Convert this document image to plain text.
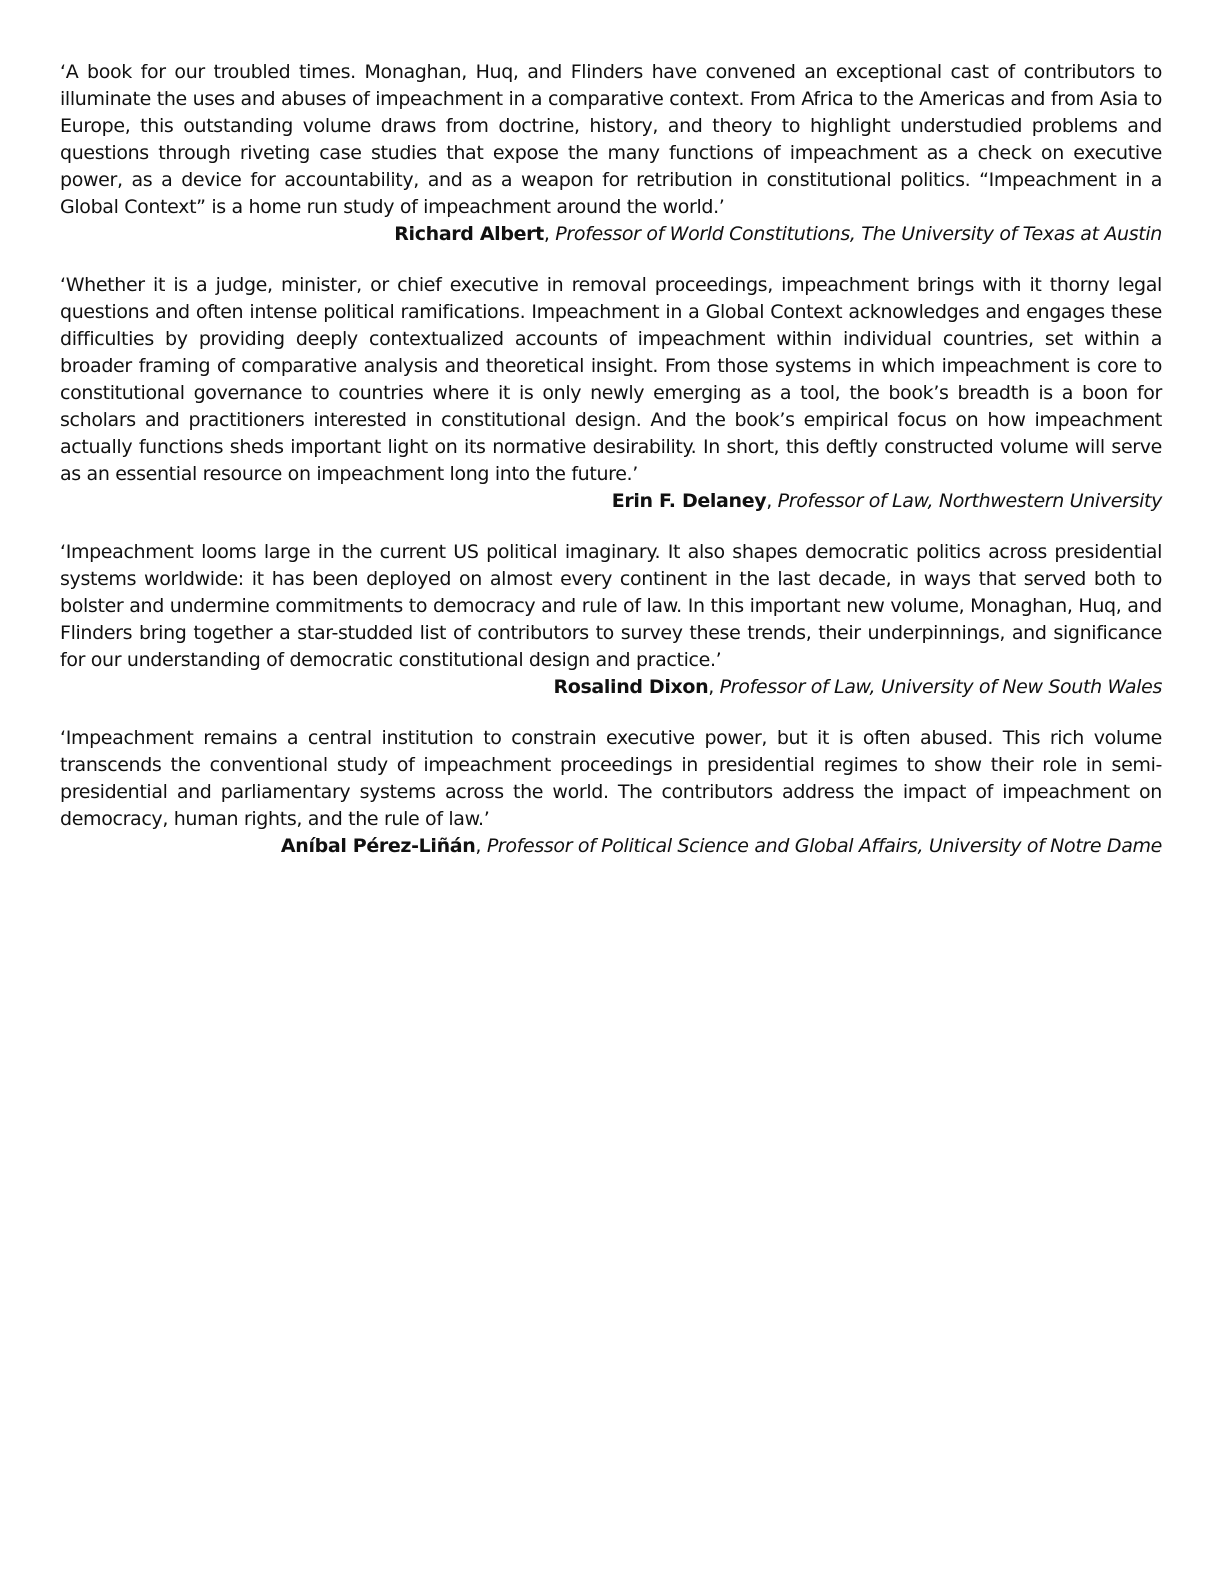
‘A book for our troubled times. Monaghan, Huq, and Flinders have convened an exceptional cast of contributors to illuminate the uses and abuses of impeachment in a comparative context. From Africa to the Americas and from Asia to Europe, this outstanding volume draws from doctrine, history, and theory to highlight understudied problems and questions through riveting case studies that expose the many functions of impeachment as a check on executive power, as a device for accountability, and as a weapon for retribution in constitutional politics. “Impeachment in a Global Context” is a home run study of impeachment around the world.’

Richard Albert, Professor of World Constitutions, The University of Texas at Austin

‘Whether it is a judge, minister, or chief executive in removal proceedings, impeachment brings with it thorny legal questions and often intense political ramifications. Impeachment in a Global Context acknowledges and engages these difficulties by providing deeply contextualized accounts of impeachment within individual countries, set within a broader framing of comparative analysis and theoretical insight. From those systems in which impeachment is core to constitutional governance to countries where it is only newly emerging as a tool, the book’s breadth is a boon for scholars and practitioners interested in constitutional design. And the book’s empirical focus on how impeachment actually functions sheds important light on its normative desirability. In short, this deftly constructed volume will serve as an essential resource on impeachment long into the future.’

Erin F. Delaney, Professor of Law, Northwestern University

‘Impeachment looms large in the current US political imaginary. It also shapes democratic politics across presidential systems worldwide: it has been deployed on almost every continent in the last decade, in ways that served both to bolster and undermine commitments to democracy and rule of law. In this important new volume, Monaghan, Huq, and Flinders bring together a star-studded list of contributors to survey these trends, their underpinnings, and significance for our understanding of democratic constitutional design and practice.’

Rosalind Dixon, Professor of Law, University of New South Wales

‘Impeachment remains a central institution to constrain executive power, but it is often abused. This rich volume transcends the conventional study of impeachment proceedings in presidential regimes to show their role in semi-presidential and parliamentary systems across the world. The contributors address the impact of impeachment on democracy, human rights, and the rule of law.’

Aníbal Pérez-Liñán, Professor of Political Science and Global Affairs, University of Notre Dame
